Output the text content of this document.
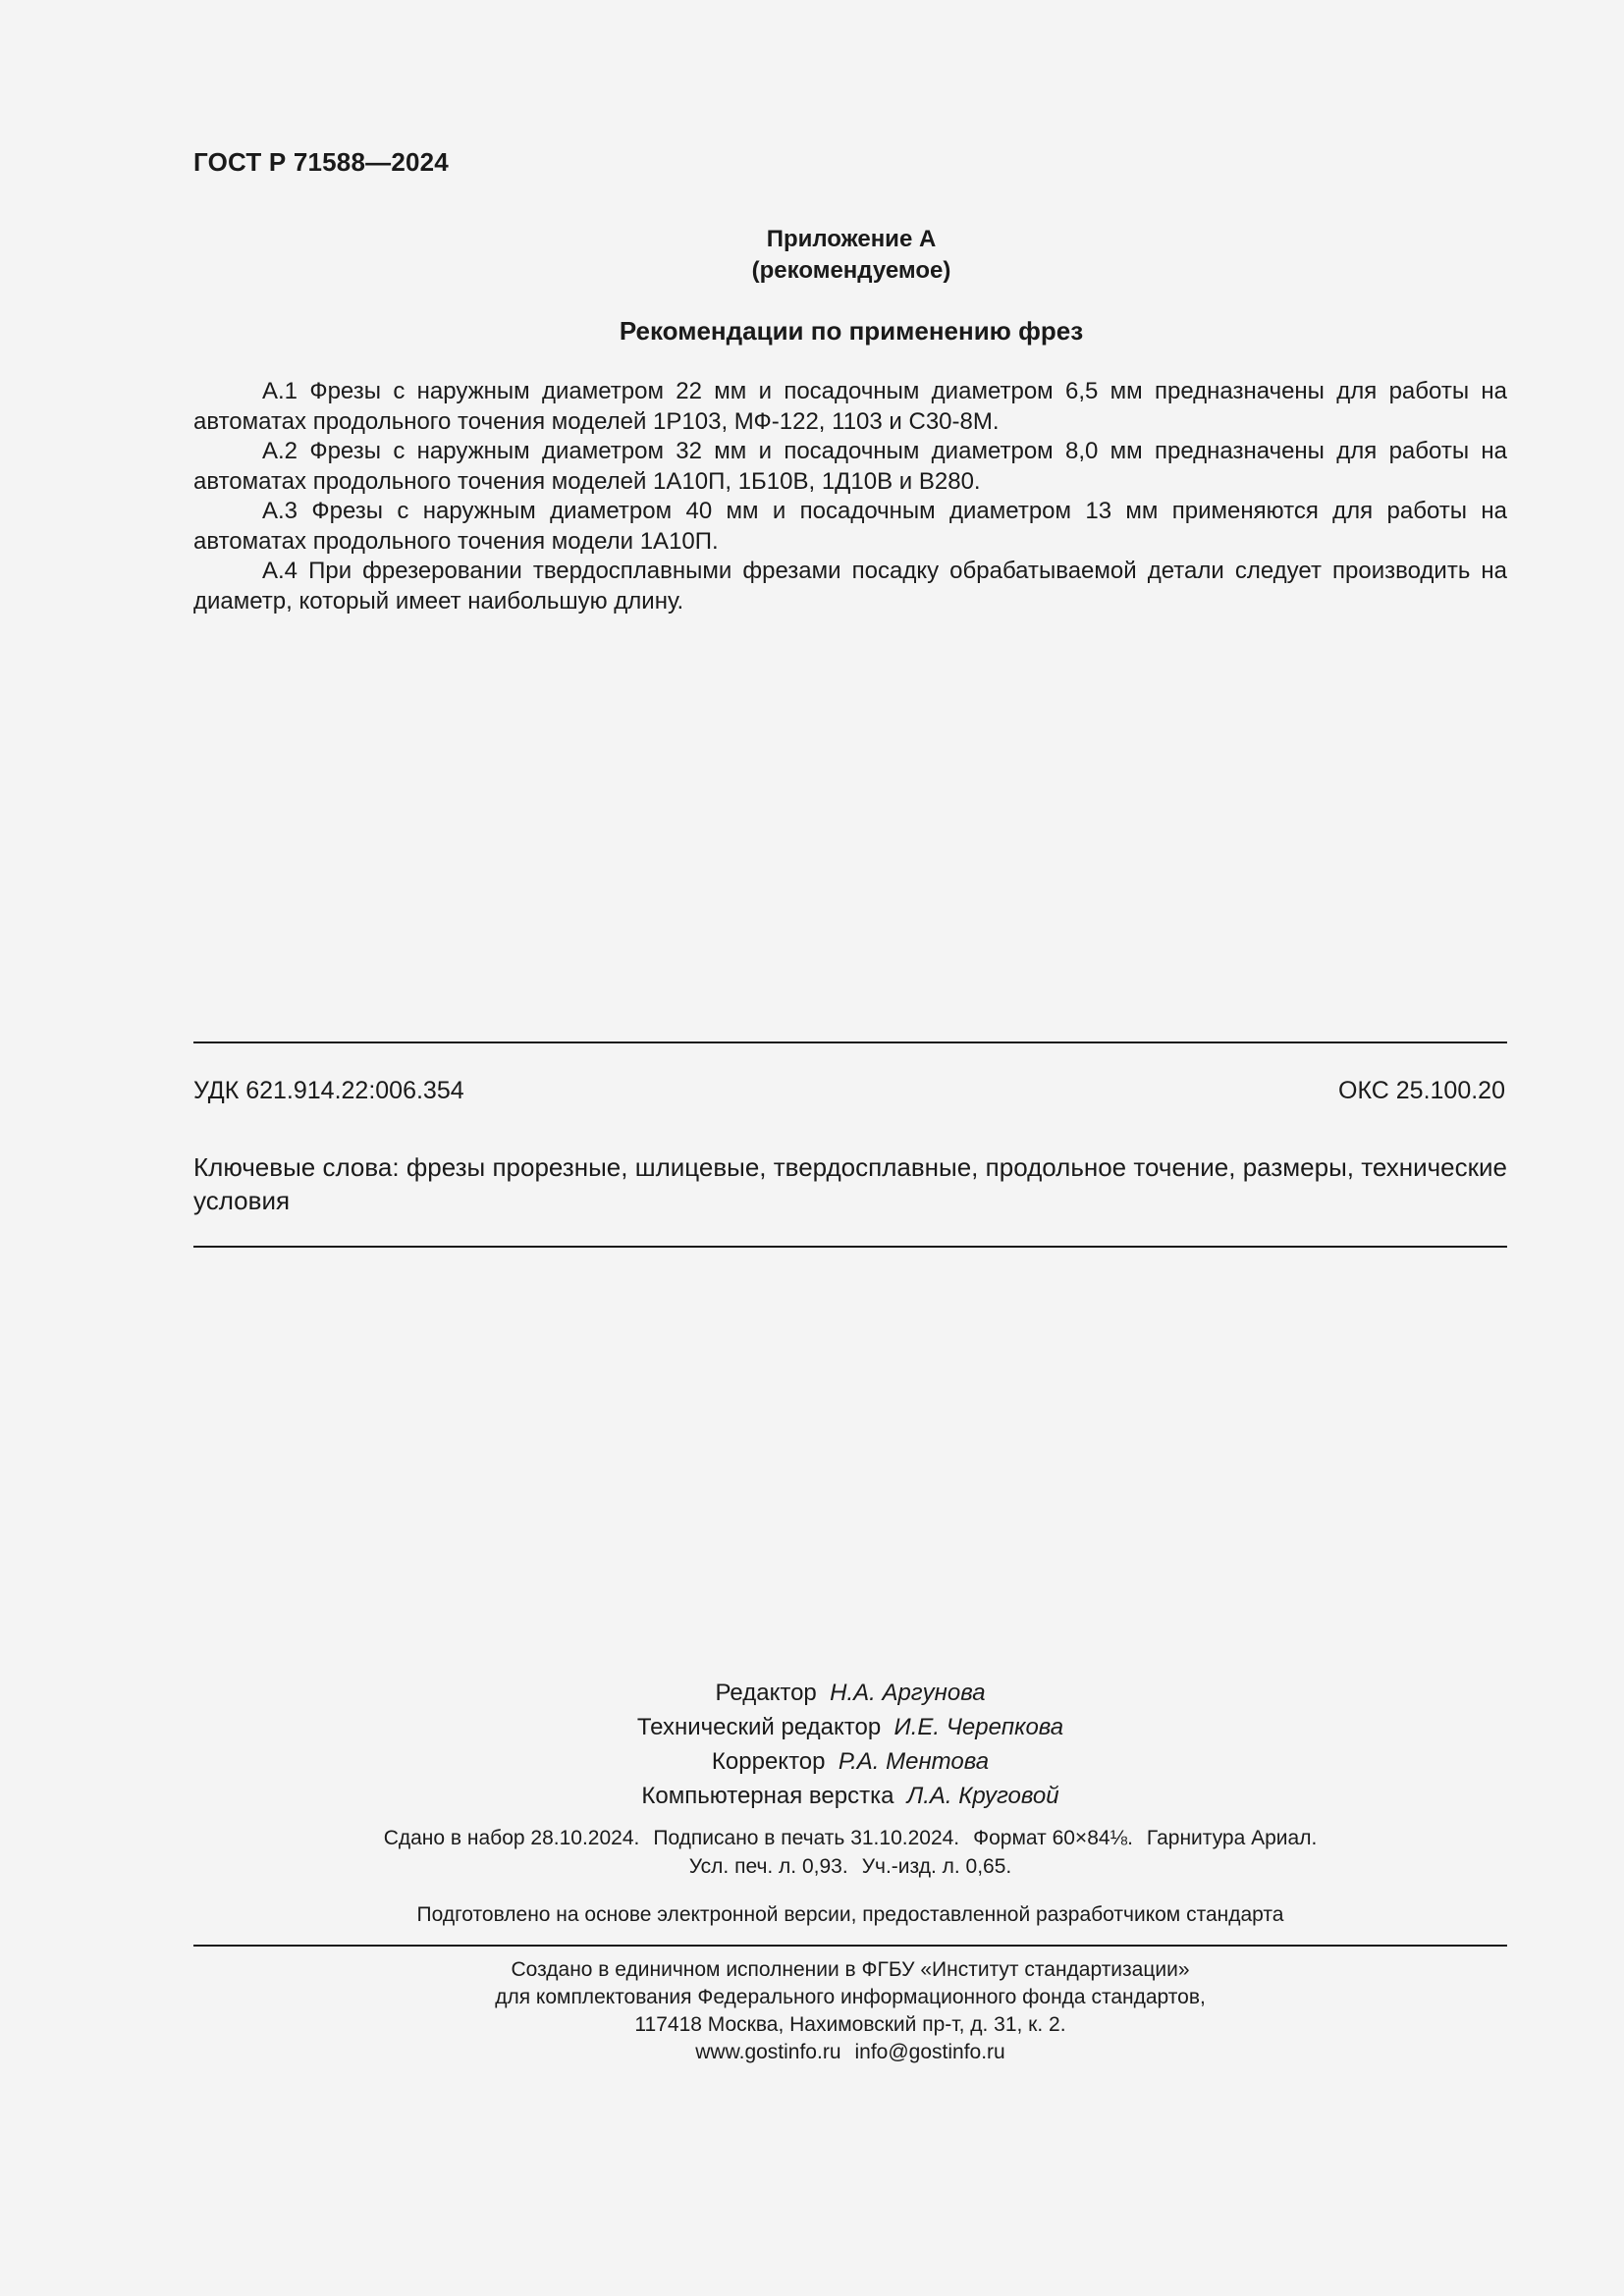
ГОСТ Р 71588—2024
Приложение А
(рекомендуемое)
Рекомендации по применению фрез

А.1 Фрезы с наружным диаметром 22 мм и посадочным диаметром 6,5 мм предназначены для работы на автоматах продольного точения моделей 1Р103, МФ-122, 1103 и С30-8М.

А.2 Фрезы с наружным диаметром 32 мм и посадочным диаметром 8,0 мм предназначены для работы на автоматах продольного точения моделей 1А10П, 1Б10В, 1Д10В и В280.

А.3 Фрезы с наружным диаметром 40 мм и посадочным диаметром 13 мм применяются для работы на автоматах продольного точения модели 1А10П.

А.4 При фрезеровании твердосплавными фрезами посадку обрабатываемой детали следует производить на диаметр, который имеет наибольшую длину.

УДК 621.914.22:006.354	ОКС 25.100.20
Ключевые слова: фрезы прорезные, шлицевые, твердосплавные, продольное точение, размеры, технические условия
Редактор Н.А. Аргунова
Технический редактор И.Е. Черепкова
Корректор Р.А. Ментова
Компьютерная верстка Л.А. Круговой
Сдано в набор 28.10.2024. Подписано в печать 31.10.2024. Формат 60×84⅛. Гарнитура Ариал.
Усл. печ. л. 0,93. Уч.-изд. л. 0,65.
Подготовлено на основе электронной версии, предоставленной разработчиком стандарта
Создано в единичном исполнении в ФГБУ «Институт стандартизации»
для комплектования Федерального информационного фонда стандартов,
117418 Москва, Нахимовский пр-т, д. 31, к. 2.
www.gostinfo.ru info@gostinfo.ru
